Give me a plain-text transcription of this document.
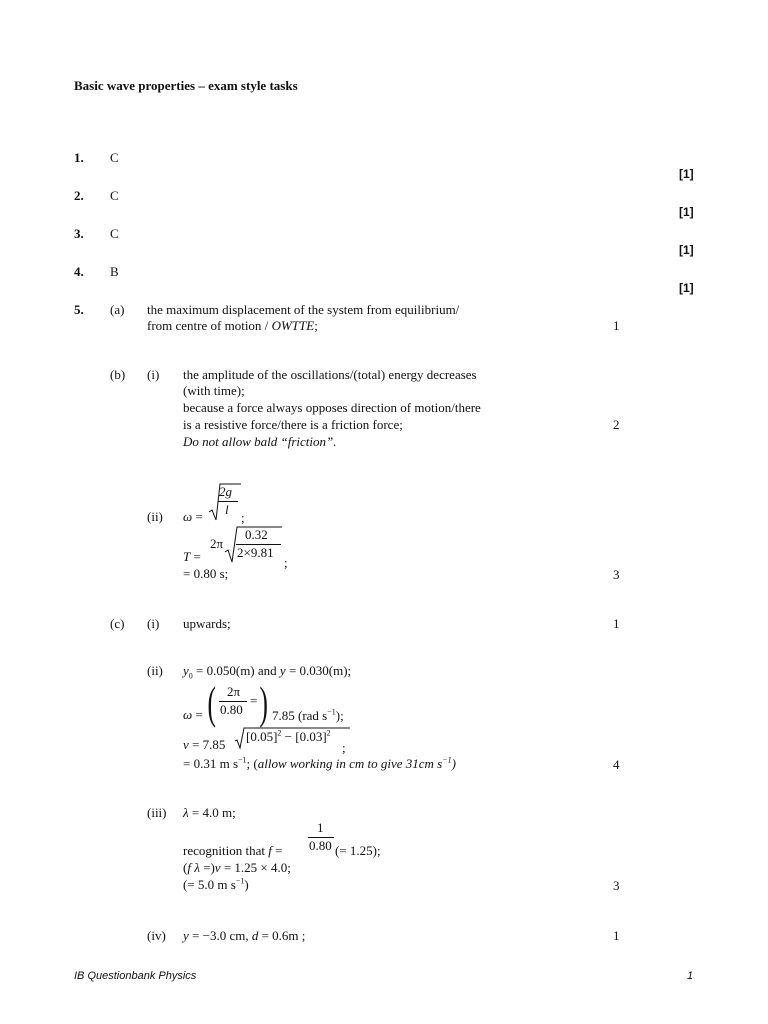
Basic wave properties – exam style tasks
1. C
[1]
2. C
[1]
3. C
[1]
4. B
[1]
5. (a) the maximum displacement of the system from equilibrium/
from centre of motion / OWTTE;	1
(b) (i) the amplitude of the oscillations/(total) energy decreases
(with time);
because a force always opposes direction of motion/there
is a resistive force/there is a friction force;
Do not allow bald “friction”.
2
(ii) ω =
2g
l
;
T =
2π
0.32
2×9.81
;
= 0.80 s;	3
(c) (i) upwards;	1
(ii) $y_0 = 0.050(m)$ and y = 0.030(m);
ω = ( 2π
0.80
= ) 7.85 (rad $s^{-1}$);
v = 7.85
$[0.05]^2 - [0.03]^2$
;
= 0.31 m $s^{-1}$; (allow working in cm to give 31cm $s^{-1}$)	4
(iii) λ = 4.0 m;
1
recognition that f = 0.80 (= 1.25);
(f λ =)v = 1.25 × 4.0;
(= 5.0 m $s^{-1}$)	3
(iv) y = −3.0 cm, d = 0.6m ;	1
IB Questionbank Physics	1
